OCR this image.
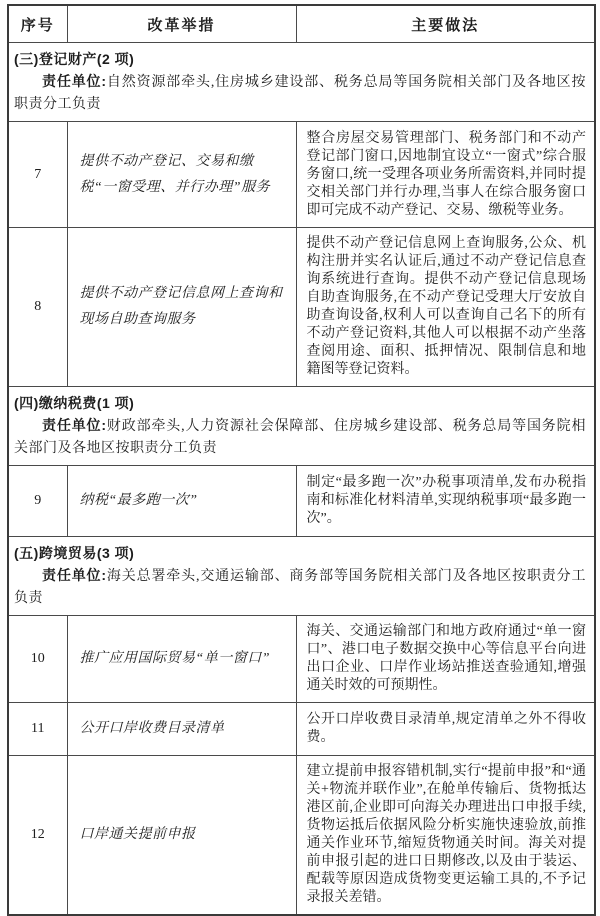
序号	改革举措	主要做法

(三)登记财产(2 项)

责任单位:自然资源部牵头,住房城乡建设部、税务总局等国务院相关部门及各地区按职责分工负责		

7	提供不动产登记、交易和缴税“一窗受理、并行办理”服务	整合房屋交易管理部门、税务部门和不动产登记部门窗口,因地制宜设立“一窗式”综合服务窗口,统一受理各项业务所需资料,并同时提交相关部门并行办理,当事人在综合服务窗口即可完成不动产登记、交易、缴税等业务。
8	提供不动产登记信息网上查询和现场自助查询服务	提供不动产登记信息网上查询服务,公众、机构注册并实名认证后,通过不动产登记信息查询系统进行查询。提供不动产登记信息现场自助查询服务,在不动产登记受理大厅安放自助查询设备,权利人可以查询自己名下的所有不动产登记资料,其他人可以根据不动产坐落查阅用途、面积、抵押情况、限制信息和地籍图等登记资料。

(四)缴纳税费(1 项)

责任单位:财政部牵头,人力资源社会保障部、住房城乡建设部、税务总局等国务院相关部门及各地区按职责分工负责		

9	纳税“最多跑一次”	制定“最多跑一次”办税事项清单,发布办税指南和标准化材料清单,实现纳税事项“最多跑一次”。

(五)跨境贸易(3 项)

责任单位:海关总署牵头,交通运输部、商务部等国务院相关部门及各地区按职责分工负责		

10	推广应用国际贸易“单一窗口”	海关、交通运输部门和地方政府通过“单一窗口”、港口电子数据交换中心等信息平台向进出口企业、口岸作业场站推送查验通知,增强通关时效的可预期性。
11	公开口岸收费目录清单	公开口岸收费目录清单,规定清单之外不得收费。
12	口岸通关提前申报	建立提前申报容错机制,实行“提前申报”和“通关+物流并联作业”,在舱单传输后、货物抵达港区前,企业即可向海关办理进出口申报手续,货物运抵后依据风险分析实施快速验放,前推通关作业环节,缩短货物通关时间。海关对提前申报引起的进口日期修改,以及由于装运、配载等原因造成货物变更运输工具的,不予记录报关差错。
